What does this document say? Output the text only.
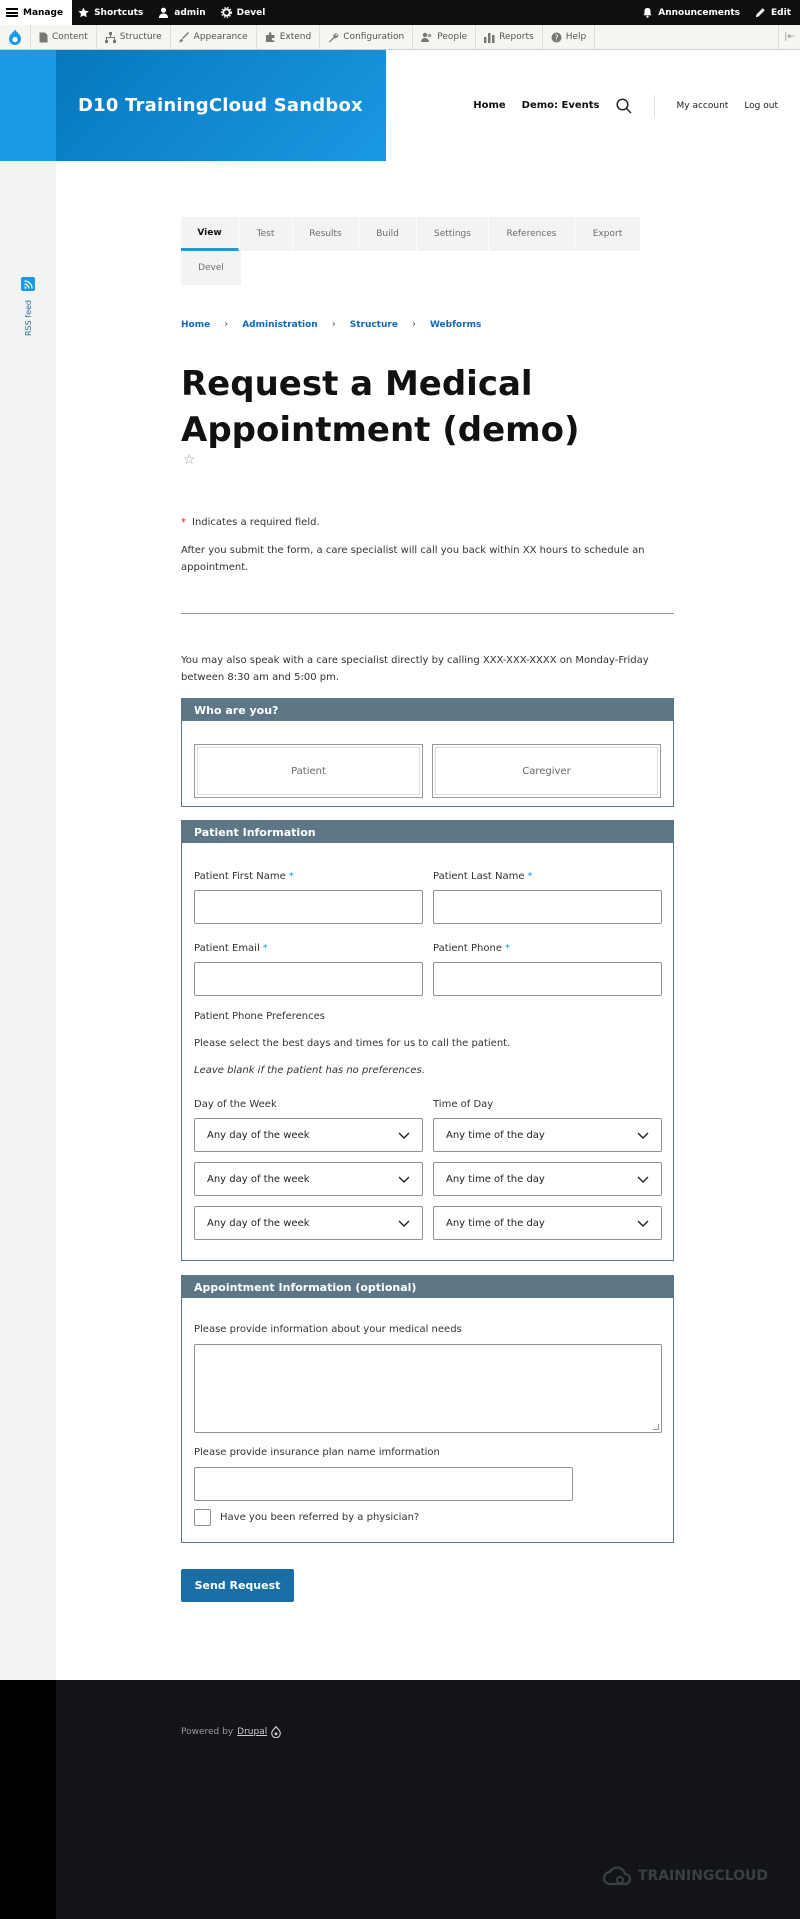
Manage	Shortcuts	admin	Devel	Announcements	Edit
Content	Structure	Appearance	Extend	Configuration	People	Reports	? Help	|⇤
RSS feed
D10 TrainingCloud Sandbox	Home Demo: Events	My account Log out
View	Test	Results	Build	Settings	References	Export
Devel
Home › Administration › Structure › Webforms
Request a Medical Appointment (demo)
☆
* Indicates a required field.

After you submit the form, a care specialist will call you back within XX hours to schedule an appointment.

You may also speak with a care specialist directly by calling XXX-XXX-XXXX on Monday-Friday between 8:30 am and 5:00 pm.

Who are you?
Patient	Caregiver
Patient Information
Patient First Name *	Patient Last Name *
Patient Email *	Patient Phone *
Patient Phone Preferences
Please select the best days and times for us to call the patient.
Leave blank if the patient has no preferences.
Day of the Week	Time of Day
Any day of the week	Any time of the day
Any day of the week	Any time of the day
Any day of the week	Any time of the day
Appointment Information (optional)
Please provide information about your medical needs
Please provide insurance plan name imformation
Have you been referred by a physician?
Send Request
Powered by Drupal
TRAININGCLOUD
